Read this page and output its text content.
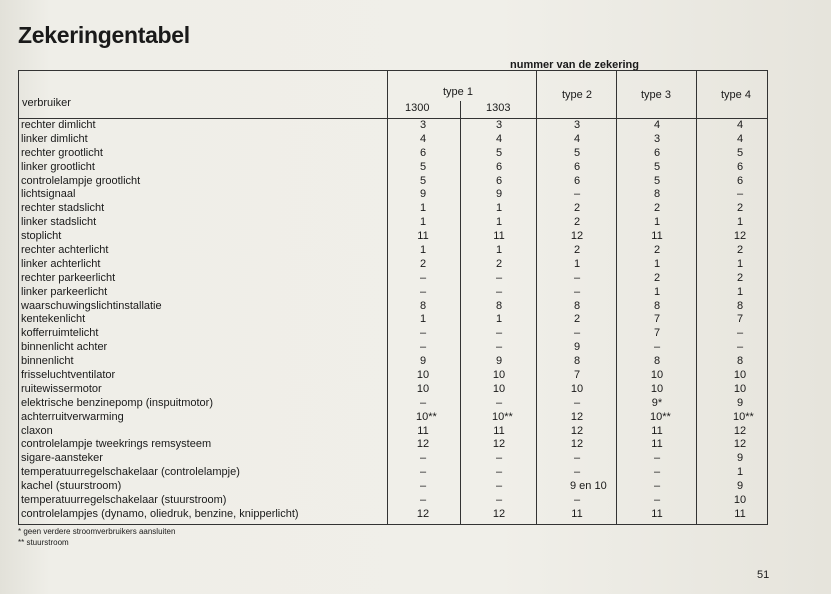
Zekeringentabel
nummer van de zekering
verbruiker
type 1
1300	1303
type 2	type 3	type 4
rechter dimlicht	3	3	3	4	4
linker dimlicht	4	4	4	3	4
rechter grootlicht	6	5	5	6	5
linker grootlicht	5	6	6	5	6
controlelampje grootlicht	5	6	6	5	6
lichtsignaal	9	9	–	8	–
rechter stadslicht	1	1	2	2	2
linker stadslicht	1	1	2	1	1
stoplicht	11	11	12	11	12
rechter achterlicht	1	1	2	2	2
linker achterlicht	2	2	1	1	1
rechter parkeerlicht	–	–	–	2	2
linker parkeerlicht	–	–	–	1	1
waarschuwingslichtinstallatie	8	8	8	8	8
kentekenlicht	1	1	2	7	7
kofferruimtelicht	–	–	–	7	–
binnenlicht achter	–	–	9	–	–
binnenlicht	9	9	8	8	8
frisseluchtventilator	10	10	7	10	10
ruitewissermotor	10	10	10	10	10
elektrische benzinepomp (inspuitmotor)	–	–	–	9*	9
achterruitverwarming	10**	10**	12	10**	10**
claxon	11	11	12	11	12
controlelampje tweekrings remsysteem	12	12	12	11	12
sigare-aansteker	–	–	–	–	9
temperatuurregelschakelaar (controlelampje)	–	–	–	–	1
kachel (stuurstroom)	–	–	9 en 10	–	9
temperatuurregelschakelaar (stuurstroom)	–	–	–	–	10
controlelampjes (dynamo, oliedruk, benzine, knipperlicht)	12	12	11	11	11
* geen verdere stroomverbruikers aansluiten
** stuurstroom
51
